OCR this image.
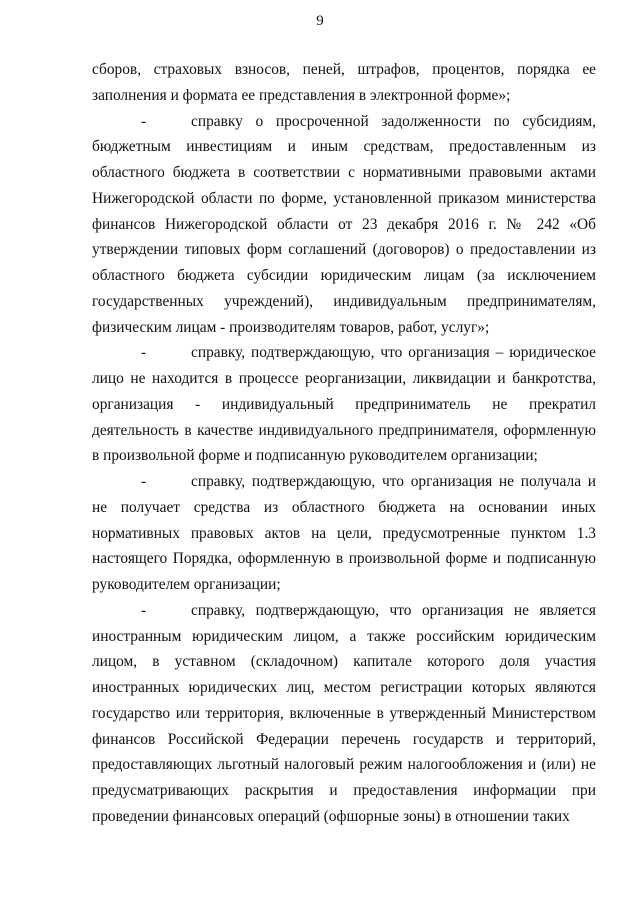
9

сборов, страховых взносов, пеней, штрафов, процентов, порядка ее заполнения и формата ее представления в электронной форме»;

-	справку о просроченной задолженности по субсидиям, бюджетным инвестициям и иным средствам, предоставленным из областного бюджета в соответствии с нормативными правовыми актами Нижегородской области по форме, установленной приказом министерства финансов Нижегородской области от 23 декабря 2016 г. № 242 «Об утверждении типовых форм соглашений (договоров) о предоставлении из областного бюджета субсидии юридическим лицам (за исключением государственных учреждений), индивидуальным предпринимателям, физическим лицам - производителям товаров, работ, услуг»;

-	справку, подтверждающую, что организация – юридическое лицо не находится в процессе реорганизации, ликвидации и банкротства, организация - индивидуальный предприниматель не прекратил деятельность в качестве индивидуального предпринимателя, оформленную в произвольной форме и подписанную руководителем организации;

-	справку, подтверждающую, что организация не получала и не получает средства из областного бюджета на основании иных нормативных правовых актов на цели, предусмотренные пунктом 1.3 настоящего Порядка, оформленную в произвольной форме и подписанную руководителем организации;

-	справку, подтверждающую, что организация не является иностранным юридическим лицом, а также российским юридическим лицом, в уставном (складочном) капитале которого доля участия иностранных юридических лиц, местом регистрации которых являются государство или территория, включенные в утвержденный Министерством финансов Российской Федерации перечень государств и территорий, предоставляющих льготный налоговый режим налогообложения и (или) не предусматривающих раскрытия и предоставления информации при проведении финансовых операций (офшорные зоны) в отношении таких
